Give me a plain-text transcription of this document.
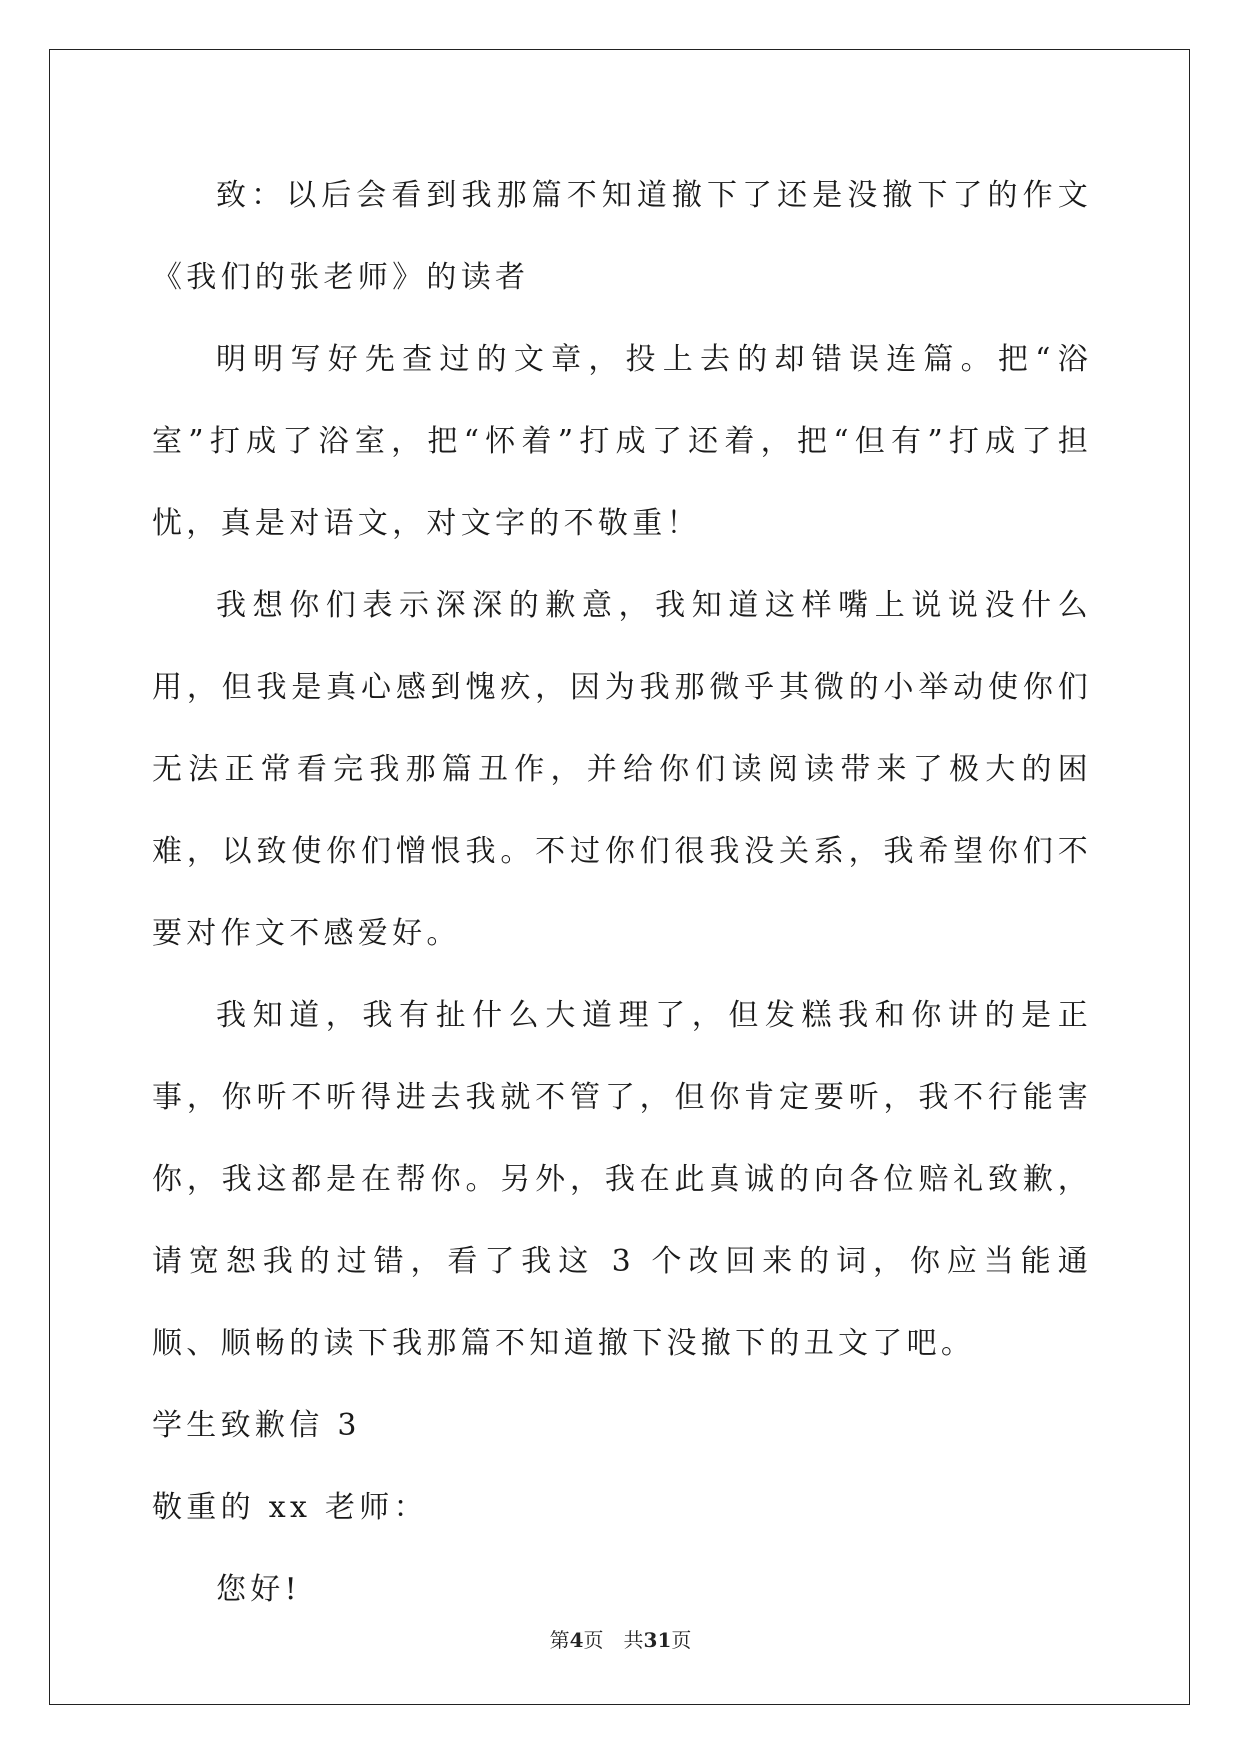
致：以后会看到我那篇不知道撤下了还是没撤下了的作文《我们的张老师》的读者

明明写好先查过的文章，投上去的却错误连篇。把“浴室”打成了浴室，把“怀着”打成了还着，把“但有”打成了担忧，真是对语文，对文字的不敬重！

我想你们表示深深的歉意，我知道这样嘴上说说没什么用，但我是真心感到愧疚，因为我那微乎其微的小举动使你们无法正常看完我那篇丑作，并给你们读阅读带来了极大的困难，以致使你们憎恨我。不过你们很我没关系，我希望你们不要对作文不感爱好。

我知道，我有扯什么大道理了，但发糕我和你讲的是正事，你听不听得进去我就不管了，但你肯定要听，我不行能害你，我这都是在帮你。另外，我在此真诚的向各位赔礼致歉，请宽恕我的过错，看了我这 3 个改回来的词，你应当能通顺、顺畅的读下我那篇不知道撤下没撤下的丑文了吧。

学生致歉信 3

敬重的 xx 老师：

您好!

第4页 共31页
